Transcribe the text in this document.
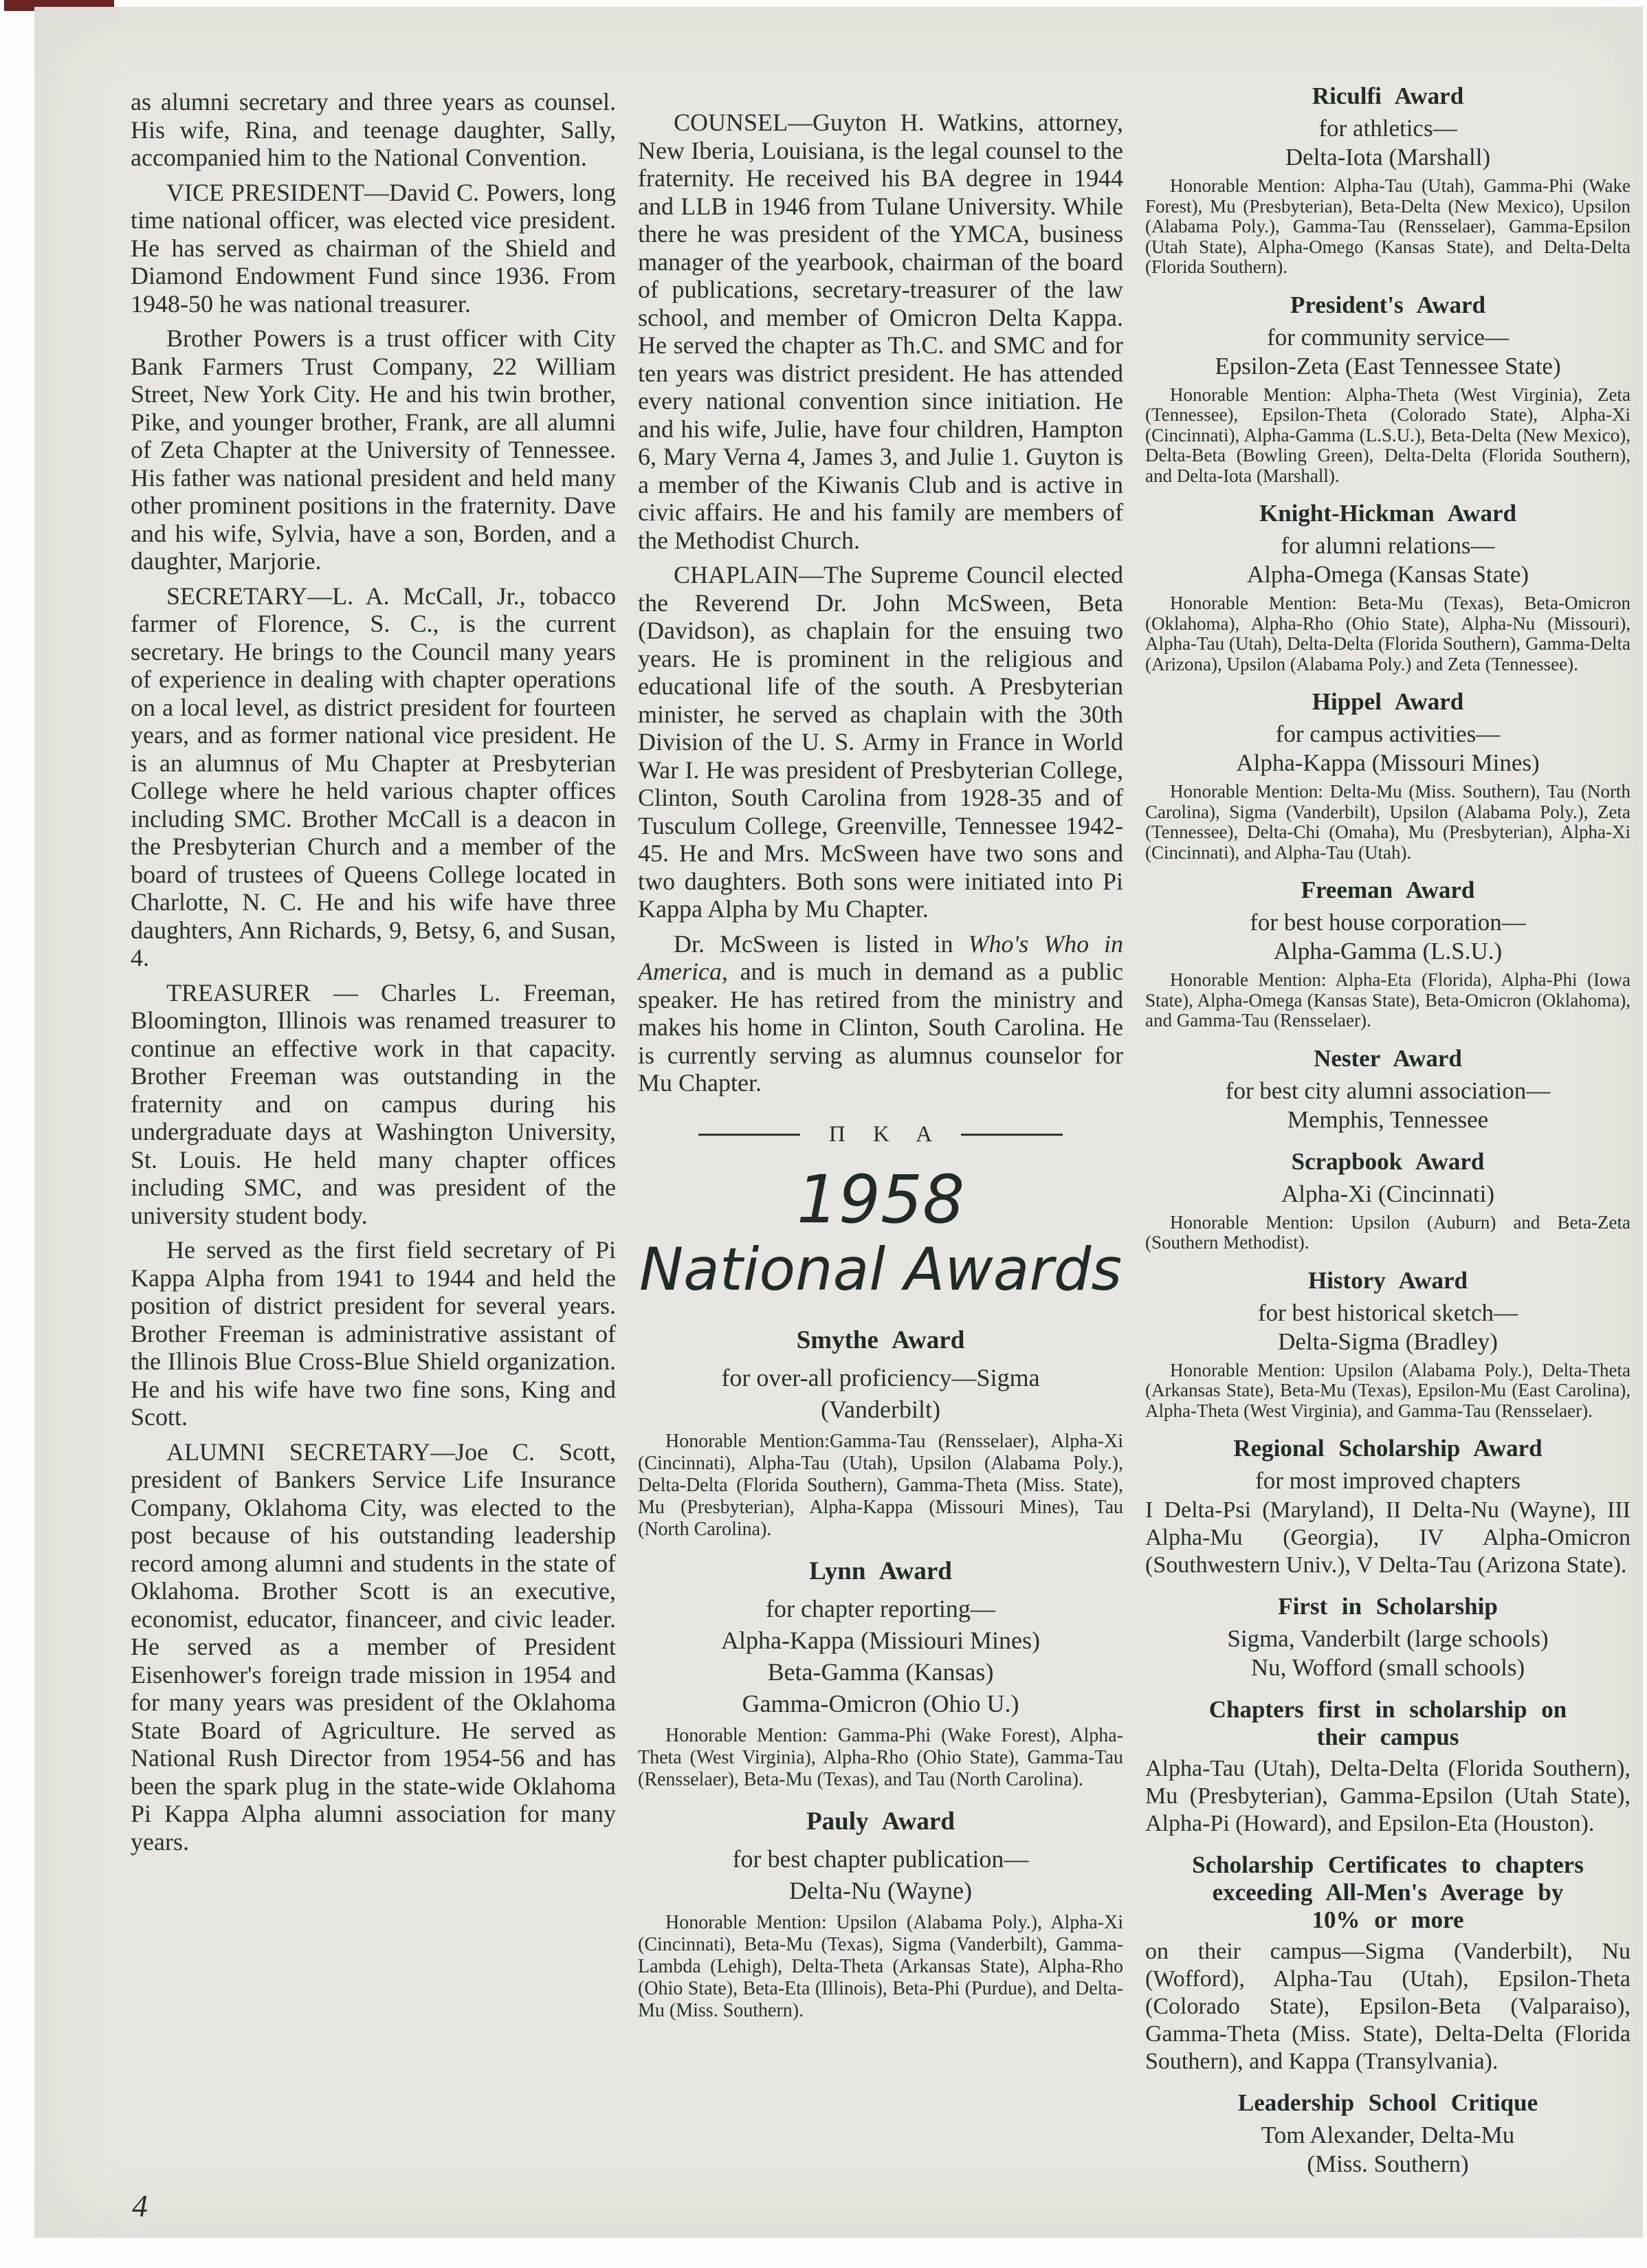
as alumni secretary and three years as counsel. His wife, Rina, and teenage daughter, Sally, accompanied him to the National Convention.
VICE PRESIDENT—David C. Powers, long time national officer, was elected vice president. He has served as chairman of the Shield and Diamond Endowment Fund since 1936. From 1948-50 he was national treasurer.
Brother Powers is a trust officer with City Bank Farmers Trust Company, 22 William Street, New York City. He and his twin brother, Pike, and younger brother, Frank, are all alumni of Zeta Chapter at the University of Tennessee. His father was national president and held many other prominent positions in the fraternity. Dave and his wife, Sylvia, have a son, Borden, and a daughter, Marjorie.
SECRETARY—L. A. McCall, Jr., tobacco farmer of Florence, S. C., is the current secretary. He brings to the Council many years of experience in dealing with chapter operations on a local level, as district president for fourteen years, and as former national vice president. He is an alumnus of Mu Chapter at Presbyterian College where he held various chapter offices including SMC. Brother McCall is a deacon in the Presbyterian Church and a member of the board of trustees of Queens College located in Charlotte, N. C. He and his wife have three daughters, Ann Richards, 9, Betsy, 6, and Susan, 4.
TREASURER — Charles L. Freeman, Bloomington, Illinois was renamed treasurer to continue an effective work in that capacity. Brother Freeman was outstanding in the fraternity and on campus during his undergraduate days at Washington University, St. Louis. He held many chapter offices including SMC, and was president of the university student body.
He served as the first field secretary of Pi Kappa Alpha from 1941 to 1944 and held the position of district president for several years. Brother Freeman is administrative assistant of the Illinois Blue Cross-Blue Shield organization. He and his wife have two fine sons, King and Scott.
ALUMNI SECRETARY—Joe C. Scott, president of Bankers Service Life Insurance Company, Oklahoma City, was elected to the post because of his outstanding leadership record among alumni and students in the state of Oklahoma. Brother Scott is an executive, economist, educator, financeer, and civic leader. He served as a member of President Eisenhower's foreign trade mission in 1954 and for many years was president of the Oklahoma State Board of Agriculture. He served as National Rush Director from 1954-56 and has been the spark plug in the state-wide Oklahoma Pi Kappa Alpha alumni association for many years.
COUNSEL—Guyton H. Watkins, attorney, New Iberia, Louisiana, is the legal counsel to the fraternity. He received his BA degree in 1944 and LLB in 1946 from Tulane University. While there he was president of the YMCA, business manager of the yearbook, chairman of the board of publications, secretary-treasurer of the law school, and member of Omicron Delta Kappa. He served the chapter as Th.C. and SMC and for ten years was district president. He has attended every national convention since initiation. He and his wife, Julie, have four children, Hampton 6, Mary Verna 4, James 3, and Julie 1. Guyton is a member of the Kiwanis Club and is active in civic affairs. He and his family are members of the Methodist Church.
CHAPLAIN—The Supreme Council elected the Reverend Dr. John McSween, Beta (Davidson), as chaplain for the ensuing two years. He is prominent in the religious and educational life of the south. A Presbyterian minister, he served as chaplain with the 30th Division of the U. S. Army in France in World War I. He was president of Presbyterian College, Clinton, South Carolina from 1928-35 and of Tusculum College, Greenville, Tennessee 1942-45. He and Mrs. McSween have two sons and two daughters. Both sons were initiated into Pi Kappa Alpha by Mu Chapter.
Dr. McSween is listed in Who's Who in America, and is much in demand as a public speaker. He has retired from the ministry and makes his home in Clinton, South Carolina. He is currently serving as alumnus counselor for Mu Chapter.
Π Κ Α
1958
National Awards
Smythe Award
for over-all proficiency—Sigma
(Vanderbilt)
Honorable Mention:Gamma-Tau (Rensselaer), Alpha-Xi (Cincinnati), Alpha-Tau (Utah), Upsilon (Alabama Poly.), Delta-Delta (Florida Southern), Gamma-Theta (Miss. State), Mu (Presbyterian), Alpha-Kappa (Missouri Mines), Tau (North Carolina).
Lynn Award
for chapter reporting—
Alpha-Kappa (Missiouri Mines)
Beta-Gamma (Kansas)
Gamma-Omicron (Ohio U.)
Honorable Mention: Gamma-Phi (Wake Forest), Alpha-Theta (West Virginia), Alpha-Rho (Ohio State), Gamma-Tau (Rensselaer), Beta-Mu (Texas), and Tau (North Carolina).
Pauly Award
for best chapter publication—
Delta-Nu (Wayne)
Honorable Mention: Upsilon (Alabama Poly.), Alpha-Xi (Cincinnati), Beta-Mu (Texas), Sigma (Vanderbilt), Gamma-Lambda (Lehigh), Delta-Theta (Arkansas State), Alpha-Rho (Ohio State), Beta-Eta (Illinois), Beta-Phi (Purdue), and Delta-Mu (Miss. Southern).
Riculfi Award
for athletics—
Delta-Iota (Marshall)
Honorable Mention: Alpha-Tau (Utah), Gamma-Phi (Wake Forest), Mu (Presbyterian), Beta-Delta (New Mexico), Upsilon (Alabama Poly.), Gamma-Tau (Rensselaer), Gamma-Epsilon (Utah State), Alpha-Omego (Kansas State), and Delta-Delta (Florida Southern).
President's Award
for community service—
Epsilon-Zeta (East Tennessee State)
Honorable Mention: Alpha-Theta (West Virginia), Zeta (Tennessee), Epsilon-Theta (Colorado State), Alpha-Xi (Cincinnati), Alpha-Gamma (L.S.U.), Beta-Delta (New Mexico), Delta-Beta (Bowling Green), Delta-Delta (Florida Southern), and Delta-Iota (Marshall).
Knight-Hickman Award
for alumni relations—
Alpha-Omega (Kansas State)
Honorable Mention: Beta-Mu (Texas), Beta-Omicron (Oklahoma), Alpha-Rho (Ohio State), Alpha-Nu (Missouri), Alpha-Tau (Utah), Delta-Delta (Florida Southern), Gamma-Delta (Arizona), Upsilon (Alabama Poly.) and Zeta (Tennessee).
Hippel Award
for campus activities—
Alpha-Kappa (Missouri Mines)
Honorable Mention: Delta-Mu (Miss. Southern), Tau (North Carolina), Sigma (Vanderbilt), Upsilon (Alabama Poly.), Zeta (Tennessee), Delta-Chi (Omaha), Mu (Presbyterian), Alpha-Xi (Cincinnati), and Alpha-Tau (Utah).
Freeman Award
for best house corporation—
Alpha-Gamma (L.S.U.)
Honorable Mention: Alpha-Eta (Florida), Alpha-Phi (Iowa State), Alpha-Omega (Kansas State), Beta-Omicron (Oklahoma), and Gamma-Tau (Rensselaer).
Nester Award
for best city alumni association—
Memphis, Tennessee
Scrapbook Award
Alpha-Xi (Cincinnati)
Honorable Mention: Upsilon (Auburn) and Beta-Zeta (Southern Methodist).
History Award
for best historical sketch—
Delta-Sigma (Bradley)
Honorable Mention: Upsilon (Alabama Poly.), Delta-Theta (Arkansas State), Beta-Mu (Texas), Epsilon-Mu (East Carolina), Alpha-Theta (West Virginia), and Gamma-Tau (Rensselaer).
Regional Scholarship Award
for most improved chapters
I Delta-Psi (Maryland), II Delta-Nu (Wayne), III Alpha-Mu (Georgia), IV Alpha-Omicron (Southwestern Univ.), V Delta-Tau (Arizona State).
First in Scholarship
Sigma, Vanderbilt (large schools)
Nu, Wofford (small schools)
Chapters first in scholarship on
their campus
Alpha-Tau (Utah), Delta-Delta (Florida Southern), Mu (Presbyterian), Gamma-Epsilon (Utah State), Alpha-Pi (Howard), and Epsilon-Eta (Houston).
Scholarship Certificates to chapters
exceeding All-Men's Average by
10% or more
on their campus—Sigma (Vanderbilt), Nu (Wofford), Alpha-Tau (Utah), Epsilon-Theta (Colorado State), Epsilon-Beta (Valparaiso), Gamma-Theta (Miss. State), Delta-Delta (Florida Southern), and Kappa (Transylvania).
Leadership School Critique
Tom Alexander, Delta-Mu
(Miss. Southern)
4
